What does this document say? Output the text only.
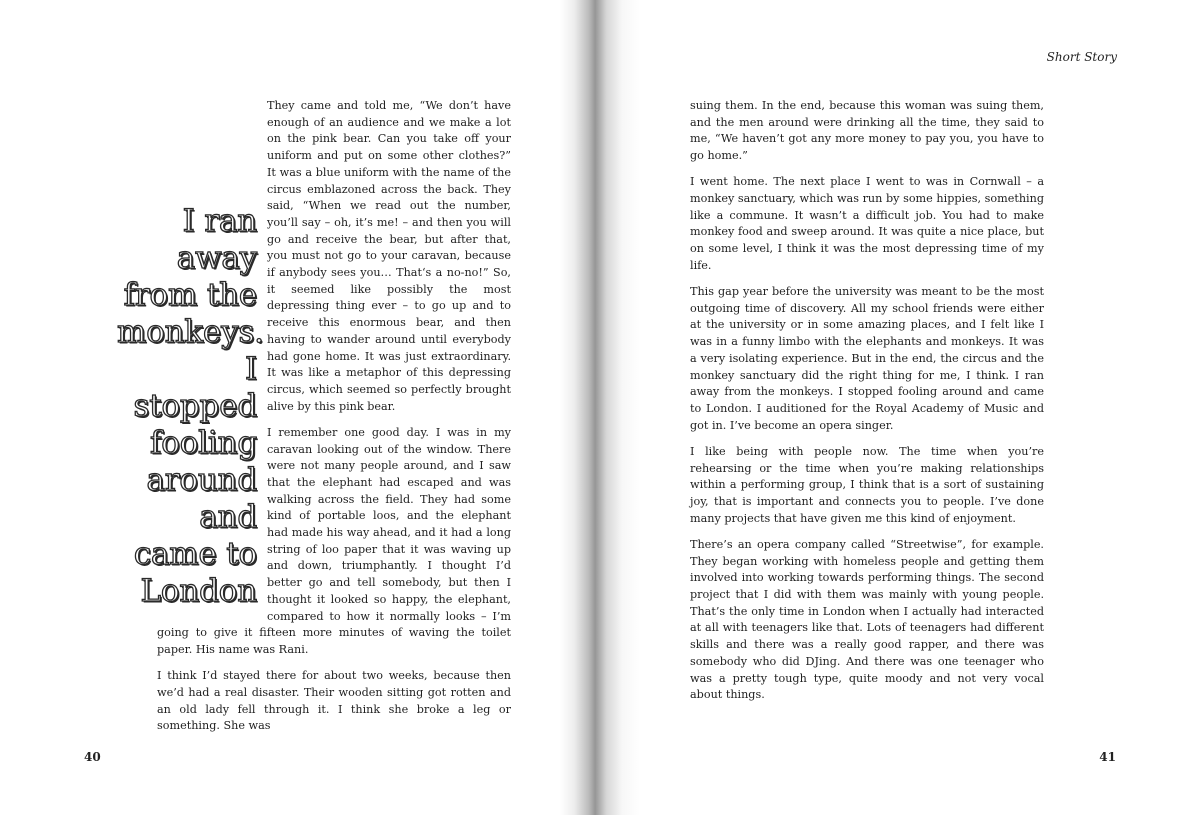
Short Story
I ran away from the monkeys. I stopped fooling around and came to London

They came and told me, “We don’t have enough of an audience and we make a lot on the pink bear. Can you take off your uniform and put on some other clothes?” It was a blue uniform with the name of the circus emblazoned across the back. They said, “When we read out the number, you’ll say – oh, it’s me! – and then you will go and receive the bear, but after that, you must not go to your caravan, because if anybody sees you… That‘s a no-no!” So, it seemed like possibly the most depressing thing ever – to go up and to receive this enormous bear, and then having to wander around until everybody had gone home. It was just extraordinary. It was like a metaphor of this depressing circus, which seemed so perfectly brought alive by this pink bear.

I remember one good day. I was in my caravan looking out of the window. There were not many people around, and I saw that the elephant had escaped and was walking across the field. They had some kind of portable loos, and the elephant had made his way ahead, and it had a long string of loo paper that it was waving up and down, triumphantly. I thought I’d better go and tell somebody, but then I thought it looked so happy, the elephant, compared to how it normally looks – I’m going to give it fifteen more minutes of waving the toilet paper. His name was Rani.

I think I’d stayed there for about two weeks, because then we’d had a real disaster. Their wooden sitting got rotten and an old lady fell through it. I think she broke a leg or something. She was

suing them. In the end, because this woman was suing them, and the men around were drinking all the time, they said to me, “We haven’t got any more money to pay you, you have to go home.”

I went home. The next place I went to was in Cornwall – a monkey sanctuary, which was run by some hippies, something like a commune. It wasn’t a difficult job. You had to make monkey food and sweep around. It was quite a nice place, but on some level, I think it was the most depressing time of my life.

This gap year before the university was meant to be the most outgoing time of discovery. All my school friends were either at the university or in some amazing places, and I felt like I was in a funny limbo with the elephants and monkeys. It was a very isolating experience. But in the end, the circus and the monkey sanctuary did the right thing for me, I think. I ran away from the monkeys. I stopped fooling around and came to London. I auditioned for the Royal Academy of Music and got in. I’ve become an opera singer.

I like being with people now. The time when you’re rehearsing or the time when you’re making relationships within a performing group, I think that is a sort of sustaining joy, that is important and connects you to people. I’ve done many projects that have given me this kind of enjoyment.

There’s an opera company called “Streetwise”, for example. They began working with homeless people and getting them involved into working towards performing things. The second project that I did with them was mainly with young people. That’s the only time in London when I actually had interacted at all with teenagers like that. Lots of teenagers had different skills and there was a really good rapper, and there was somebody who did DJing. And there was one teenager who was a pretty tough type, quite moody and not very vocal about things.

40	41
